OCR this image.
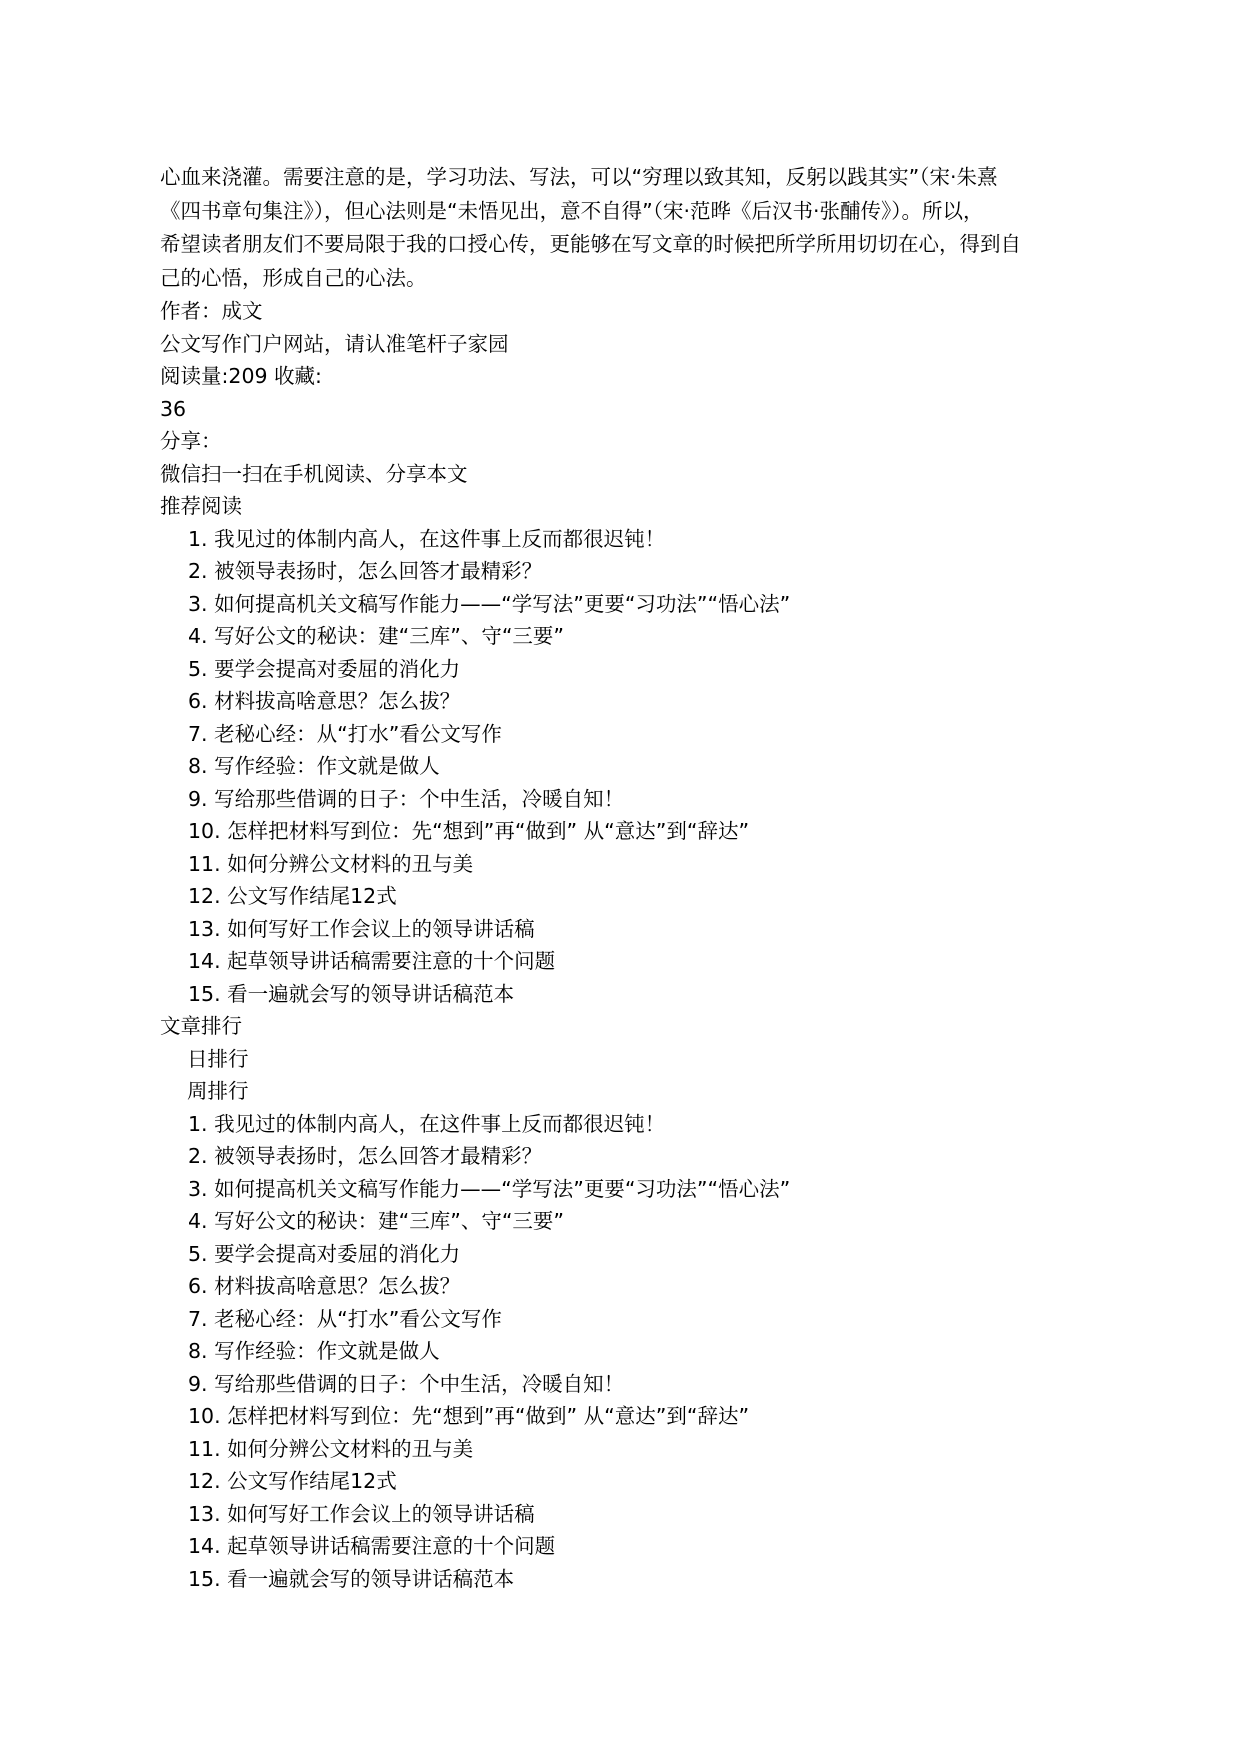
心血来浇灌。需要注意的是，学习功法、写法，可以“穷理以致其知，反躬以践其实”（宋·朱熹
《四书章句集注》），但心法则是“未悟见出，意不自得”（宋·范晔《后汉书·张酺传》）。所以，
希望读者朋友们不要局限于我的口授心传，更能够在写文章的时候把所学所用切切在心，得到自
己的心悟，形成自己的心法。
作者：成文
公文写作门户网站，请认准笔杆子家园
阅读量:209 收藏:
36
分享：
微信扫一扫在手机阅读、分享本文
推荐阅读
1. 我见过的体制内高人，在这件事上反而都很迟钝！
2. 被领导表扬时，怎么回答才最精彩？
3. 如何提高机关文稿写作能力——“学写法”更要“习功法”“悟心法”
4. 写好公文的秘诀：建“三库”、守“三要”
5. 要学会提高对委屈的消化力
6. 材料拔高啥意思？怎么拔？
7. 老秘心经：从“打水”看公文写作
8. 写作经验：作文就是做人
9. 写给那些借调的日子：个中生活，冷暖自知！
10. 怎样把材料写到位：先“想到”再“做到” 从“意达”到“辞达”
11. 如何分辨公文材料的丑与美
12. 公文写作结尾12式
13. 如何写好工作会议上的领导讲话稿
14. 起草领导讲话稿需要注意的十个问题
15. 看一遍就会写的领导讲话稿范本
文章排行
日排行
周排行
1. 我见过的体制内高人，在这件事上反而都很迟钝！
2. 被领导表扬时，怎么回答才最精彩？
3. 如何提高机关文稿写作能力——“学写法”更要“习功法”“悟心法”
4. 写好公文的秘诀：建“三库”、守“三要”
5. 要学会提高对委屈的消化力
6. 材料拔高啥意思？怎么拔？
7. 老秘心经：从“打水”看公文写作
8. 写作经验：作文就是做人
9. 写给那些借调的日子：个中生活，冷暖自知！
10. 怎样把材料写到位：先“想到”再“做到” 从“意达”到“辞达”
11. 如何分辨公文材料的丑与美
12. 公文写作结尾12式
13. 如何写好工作会议上的领导讲话稿
14. 起草领导讲话稿需要注意的十个问题
15. 看一遍就会写的领导讲话稿范本
